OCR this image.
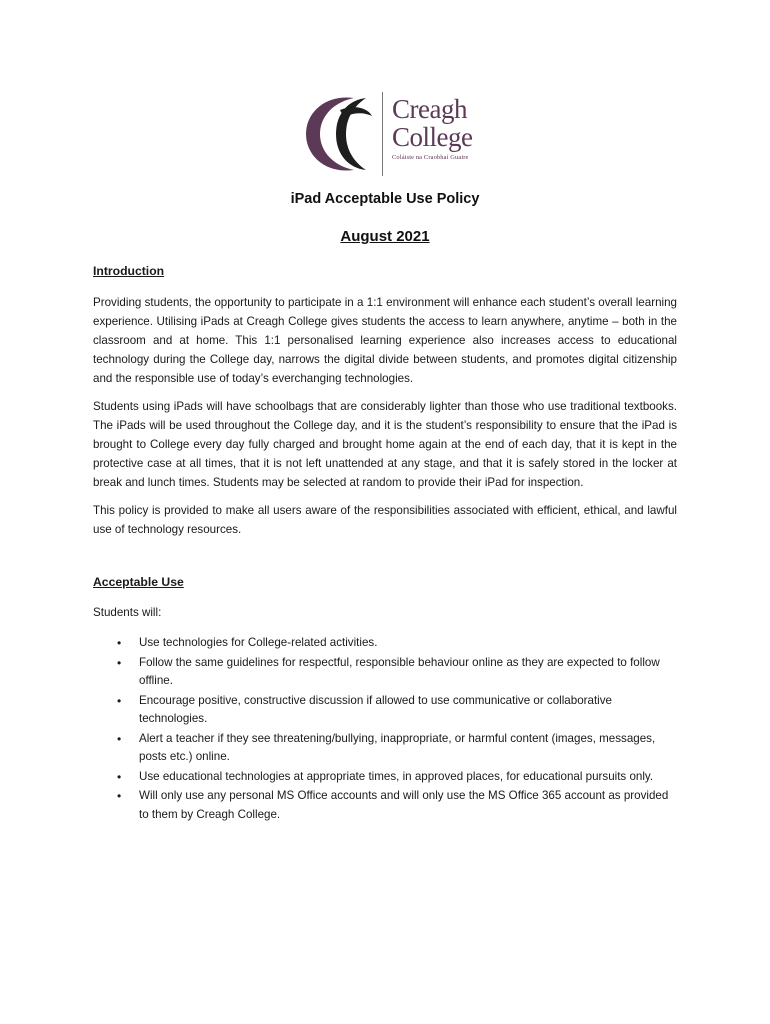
Creagh
College
Coláiste na Craobhaí Guaire
iPad Acceptable Use Policy
August 2021

Introduction

Providing students, the opportunity to participate in a 1:1 environment will enhance each student’s overall learning experience. Utilising iPads at Creagh College gives students the access to learn anywhere, anytime – both in the classroom and at home. This 1:1 personalised learning experience also increases access to educational technology during the College day, narrows the digital divide between students, and promotes digital citizenship and the responsible use of today’s everchanging technologies.

Students using iPads will have schoolbags that are considerably lighter than those who use traditional textbooks. The iPads will be used throughout the College day, and it is the student’s responsibility to ensure that the iPad is brought to College every day fully charged and brought home again at the end of each day, that it is kept in the protective case at all times, that it is not left unattended at any stage, and that it is safely stored in the locker at break and lunch times. Students may be selected at random to provide their iPad for inspection.

This policy is provided to make all users aware of the responsibilities associated with efficient, ethical, and lawful use of technology resources.

Acceptable Use

Students will:

• Use technologies for College-related activities.
• Follow the same guidelines for respectful, responsible behaviour online as they are expected to follow offline.
• Encourage positive, constructive discussion if allowed to use communicative or collaborative technologies.
• Alert a teacher if they see threatening/bullying, inappropriate, or harmful content (images, messages, posts etc.) online.
• Use educational technologies at appropriate times, in approved places, for educational pursuits only.
• Will only use any personal MS Office accounts and will only use the MS Office 365 account as provided to them by Creagh College.
